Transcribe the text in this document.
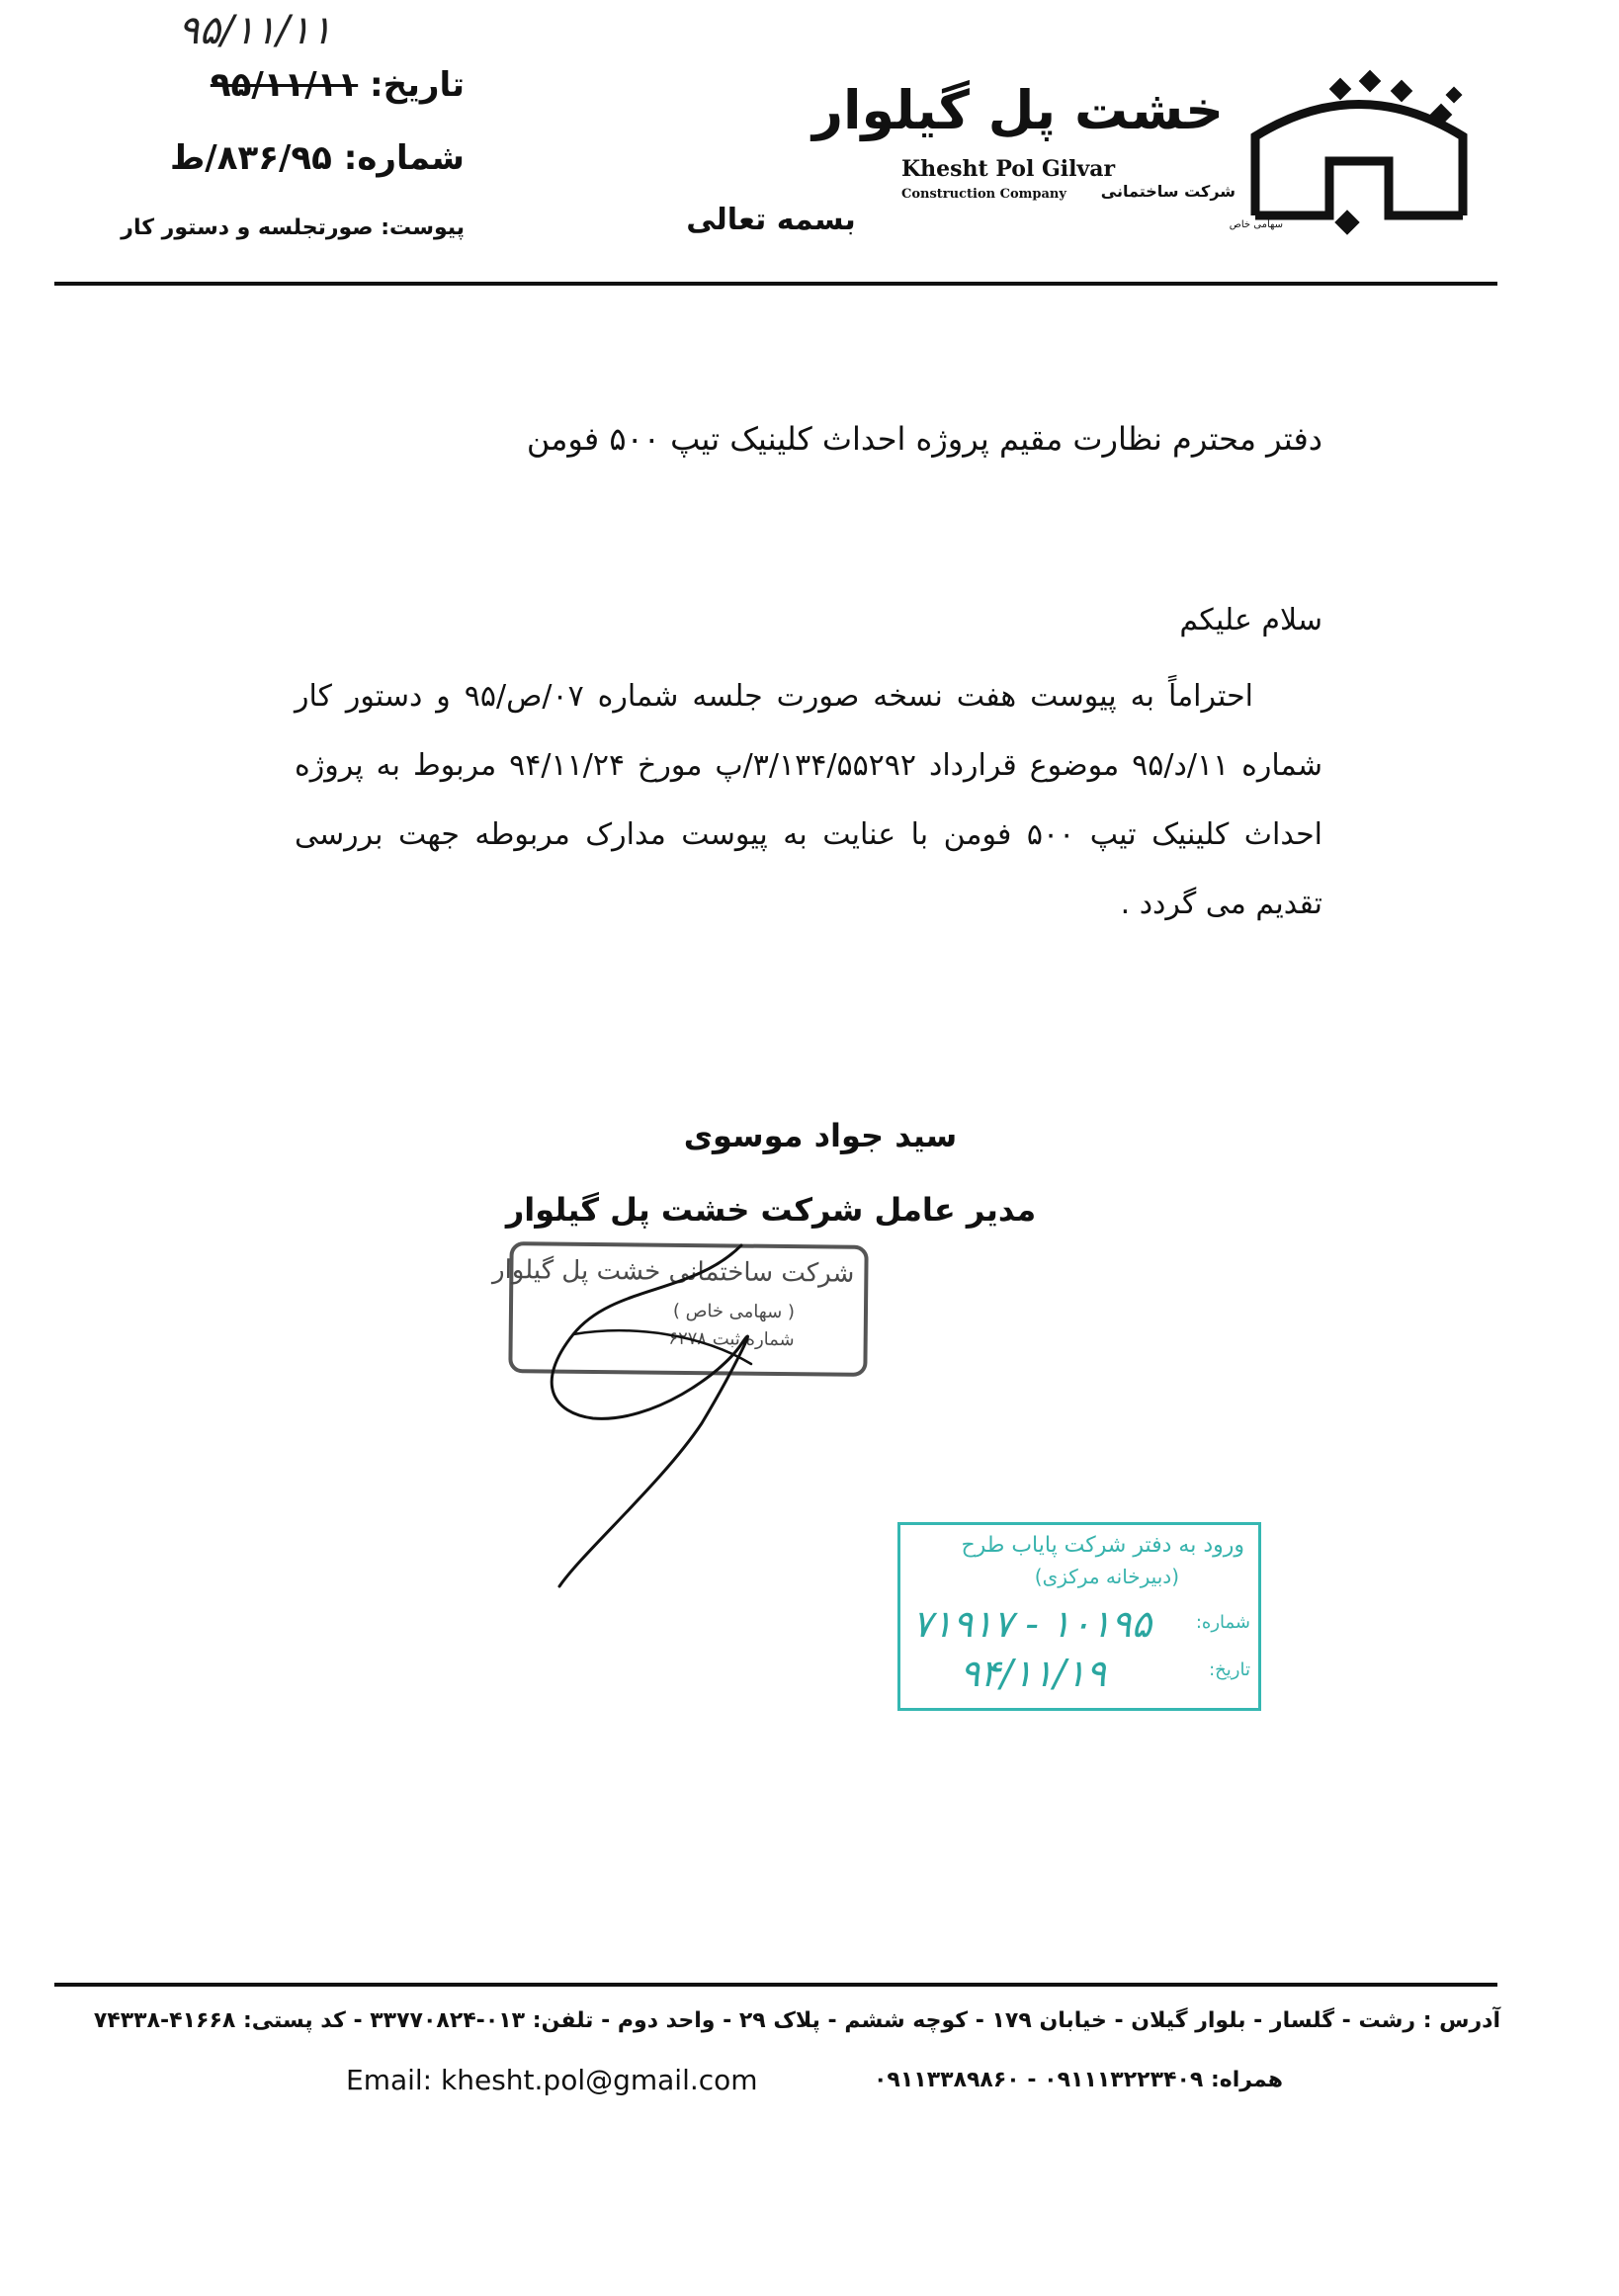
۹۵/۱۱/۱۱
تاریخ: ۹۵/۱۱/۱۱
شماره: ۸۳۶/۹۵/ط
پیوست: صورتجلسه و دستور کار	بسمه تعالی
خشت پل گیلوار
Khesht Pol Gilvar
Construction Company شرکت ساختمانی
سهامی خاص
دفتر محترم نظارت مقیم پروژه احداث کلینیک تیپ ۵۰۰ فومن
سلام علیکم
احتراماً به پیوست هفت نسخه صورت جلسه شماره ۰۷/ص/۹۵ و دستور کار شماره ۱۱/د/۹۵ موضوع قرارداد ۳/۱۳۴/۵۵۲۹۲/پ مورخ ۹۴/۱۱/۲۴ مربوط به پروژه احداث کلینیک تیپ ۵۰۰ فومن با عنایت به پیوست مدارک مربوطه جهت بررسی تقدیم می گردد .
سید جواد موسوی
مدیر عامل شرکت خشت پل گیلوار
شرکت ساختمانی خشت پل گیلوار
( سهامی خاص )
شماره ثبت ۶۲۷۸
ورود به دفتر شرکت پایاب طرح
(دبیرخانه مرکزی)
شماره:
تاریخ:
۱۰۱۹۵ - ۷۱۹۱۷
۹۴/۱۱/۱۹
آدرس : رشت - گلسار - بلوار گیلان - خیابان ۱۷۹ - کوچه ششم - پلاک ۲۹ - واحد دوم - تلفن: ۰۱۳-۳۳۷۷۰۸۲۴ - کد پستی: ۴۱۶۶۸-۷۴۳۳۸
Email: khesht.pol@gmail.com	همراه: ۰۹۱۱۱۳۲۲۳۴۰۹ - ۰۹۱۱۳۳۸۹۸۶۰
